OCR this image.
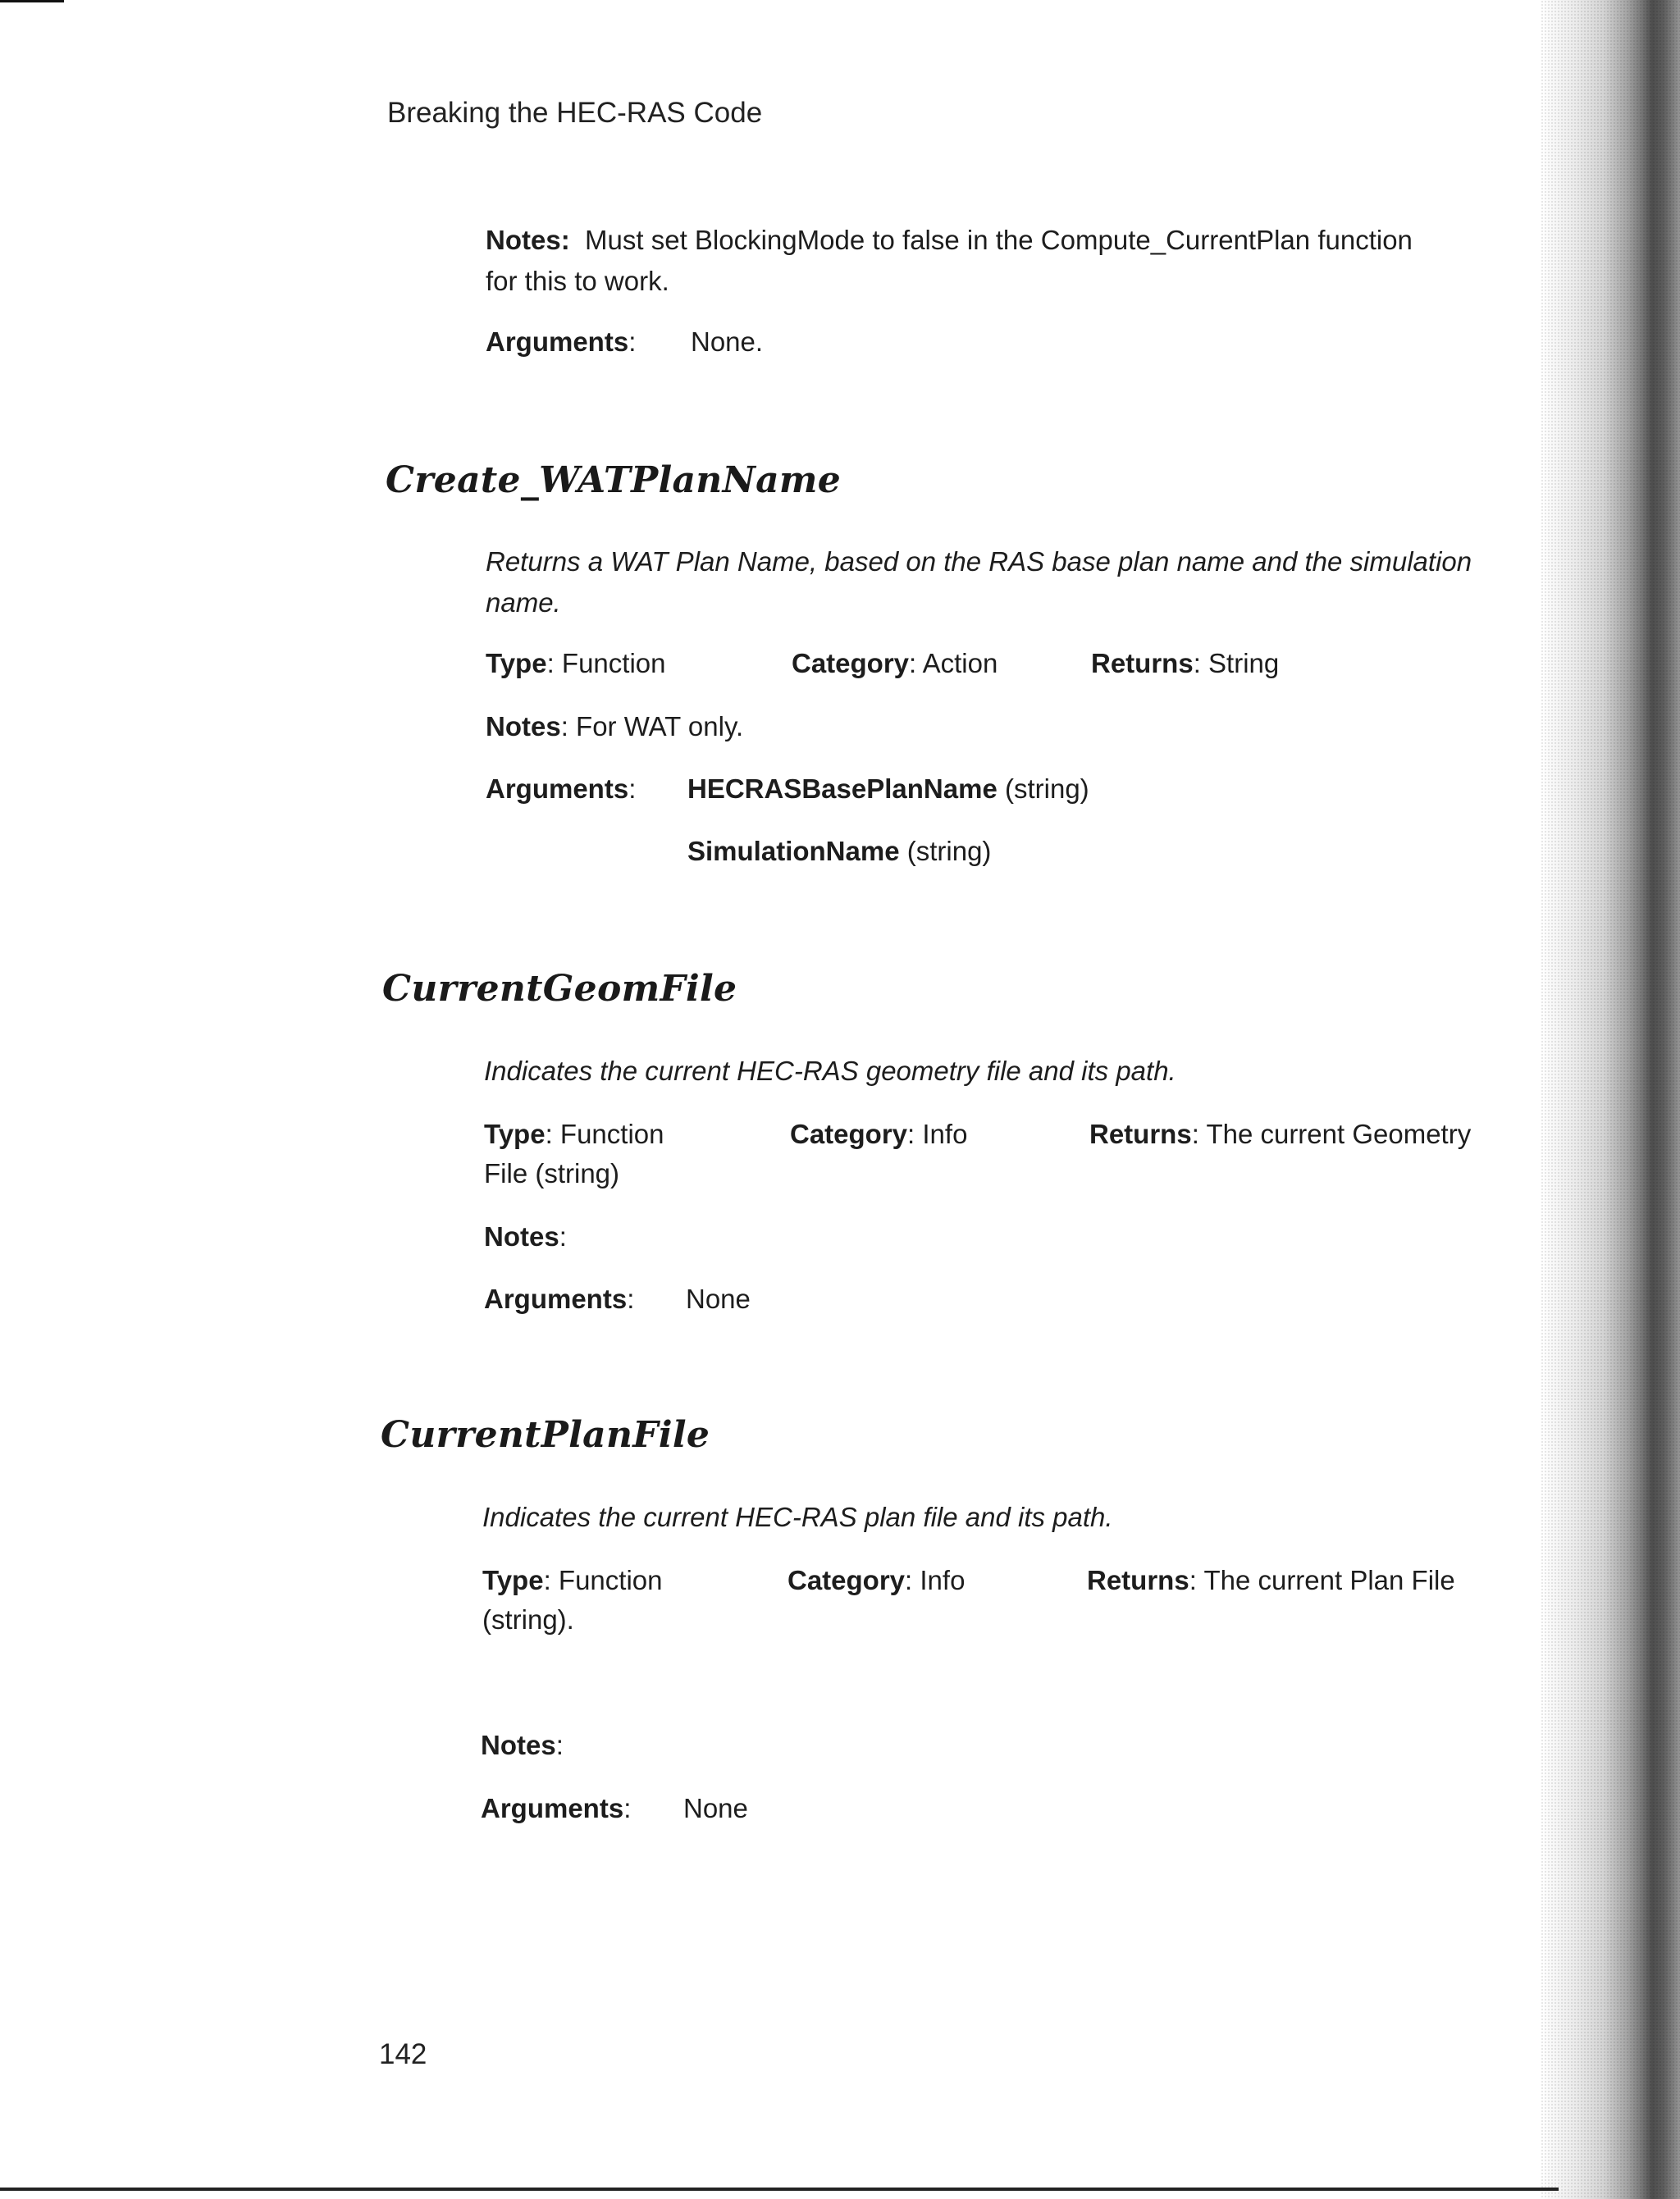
Breaking the HEC-RAS Code
Notes: Must set BlockingMode to false in the Compute_CurrentPlan function
for this to work.
Arguments: None.
Create_WATPlanName
Returns a WAT Plan Name, based on the RAS base plan name and the simulation
name.
Type: Function	Category: Action	Returns: String
Notes: For WAT only.
Arguments: HECRASBasePlanName (string)
SimulationName (string)
CurrentGeomFile
Indicates the current HEC-RAS geometry file and its path.
Type: Function	Category: Info	Returns: The current Geometry
File (string)
Notes:
Arguments: None
CurrentPlanFile
Indicates the current HEC-RAS plan file and its path.
Type: Function	Category: Info	Returns: The current Plan File
(string).
Notes:
Arguments: None
142
